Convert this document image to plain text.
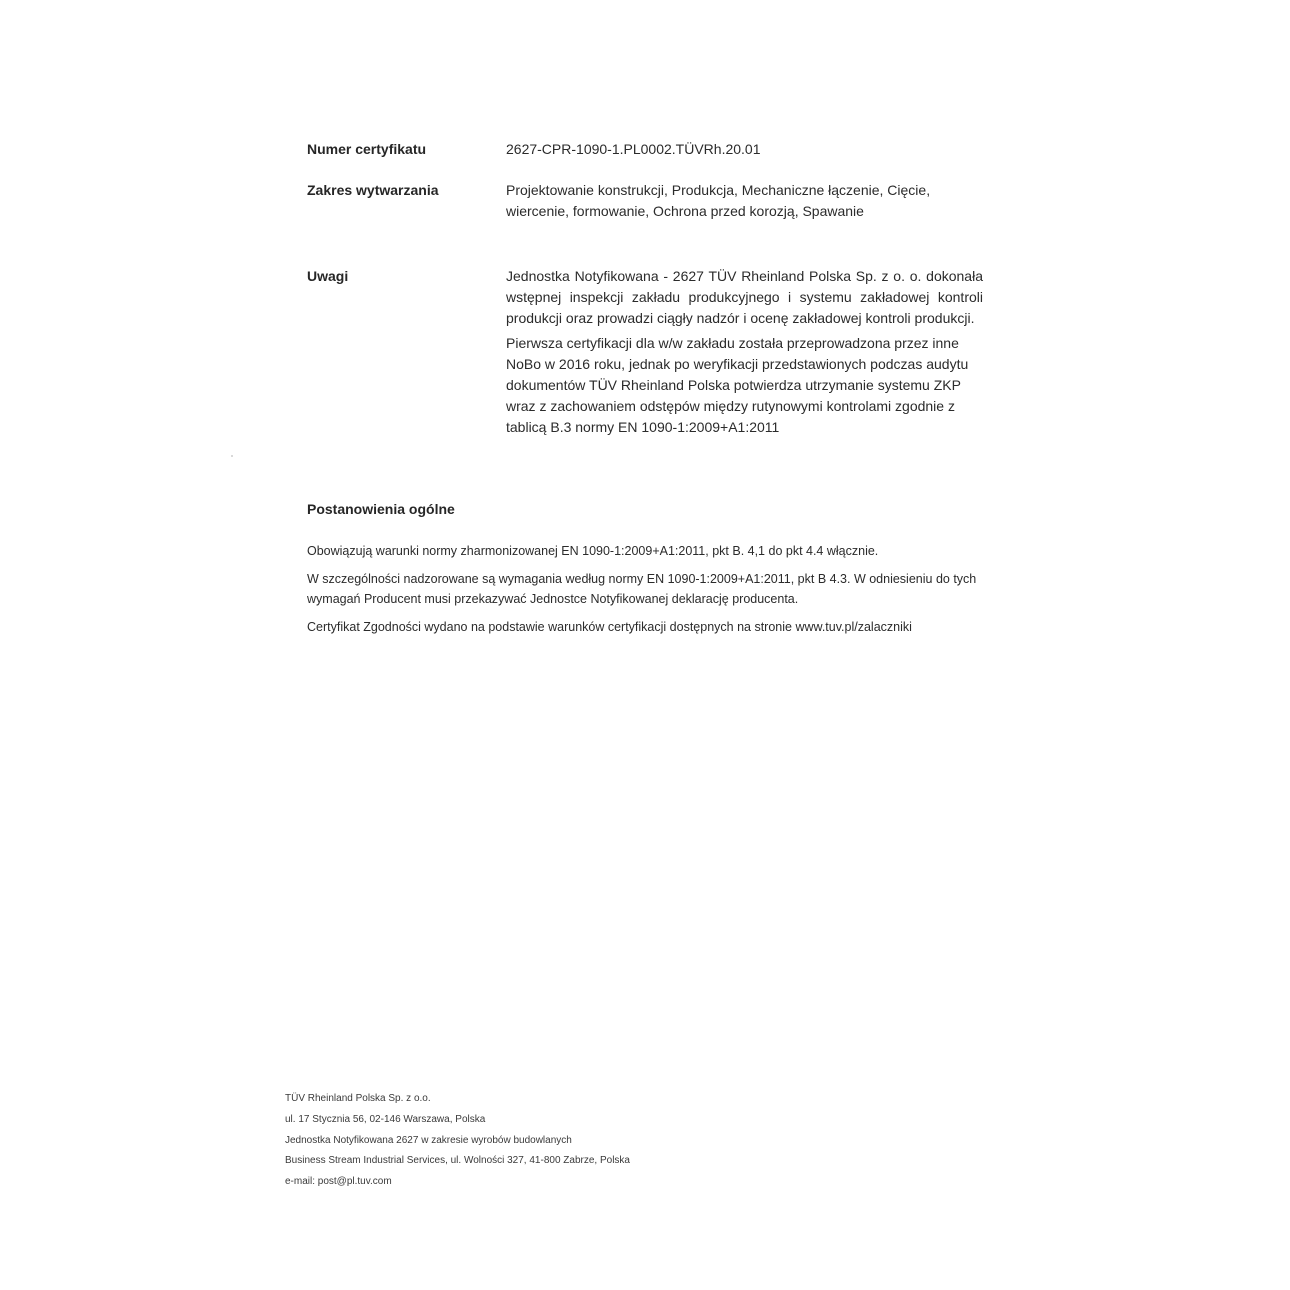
Numer certyfikatu	2627-CPR-1090-1.PL0002.TÜVRh.20.01

Zakres wytwarzania	Projektowanie konstrukcji, Produkcja, Mechaniczne łączenie, Cięcie, wiercenie, formowanie, Ochrona przed korozją, Spawanie

Uwagi	Jednostka Notyfikowana - 2627 TÜV Rheinland Polska Sp. z o. o. dokonała wstępnej inspekcji zakładu produkcyjnego i systemu zakładowej kontroli produkcji oraz prowadzi ciągły nadzór i ocenę zakładowej kontroli produkcji.

Pierwsza certyfikacji dla w/w zakładu została przeprowadzona przez inne NoBo w 2016 roku, jednak po weryfikacji przedstawionych podczas audytu dokumentów TÜV Rheinland Polska potwierdza utrzymanie systemu ZKP wraz z zachowaniem odstępów między rutynowymi kontrolami zgodnie z tablicą B.3 normy EN 1090-1:2009+A1:2011

Postanowienia ogólne

Obowiązują warunki normy zharmonizowanej EN 1090-1:2009+A1:2011, pkt B. 4,1 do pkt 4.4 włącznie.

W szczególności nadzorowane są wymagania według normy EN 1090-1:2009+A1:2011, pkt B 4.3. W odniesieniu do tych wymagań Producent musi przekazywać Jednostce Notyfikowanej deklarację producenta.

Certyfikat Zgodności wydano na podstawie warunków certyfikacji dostępnych na stronie www.tuv.pl/zalaczniki

TÜV Rheinland Polska Sp. z o.o.
ul. 17 Stycznia 56, 02-146 Warszawa, Polska
Jednostka Notyfikowana 2627 w zakresie wyrobów budowlanych
Business Stream Industrial Services, ul. Wolności 327, 41-800 Zabrze, Polska
e-mail: post@pl.tuv.com
